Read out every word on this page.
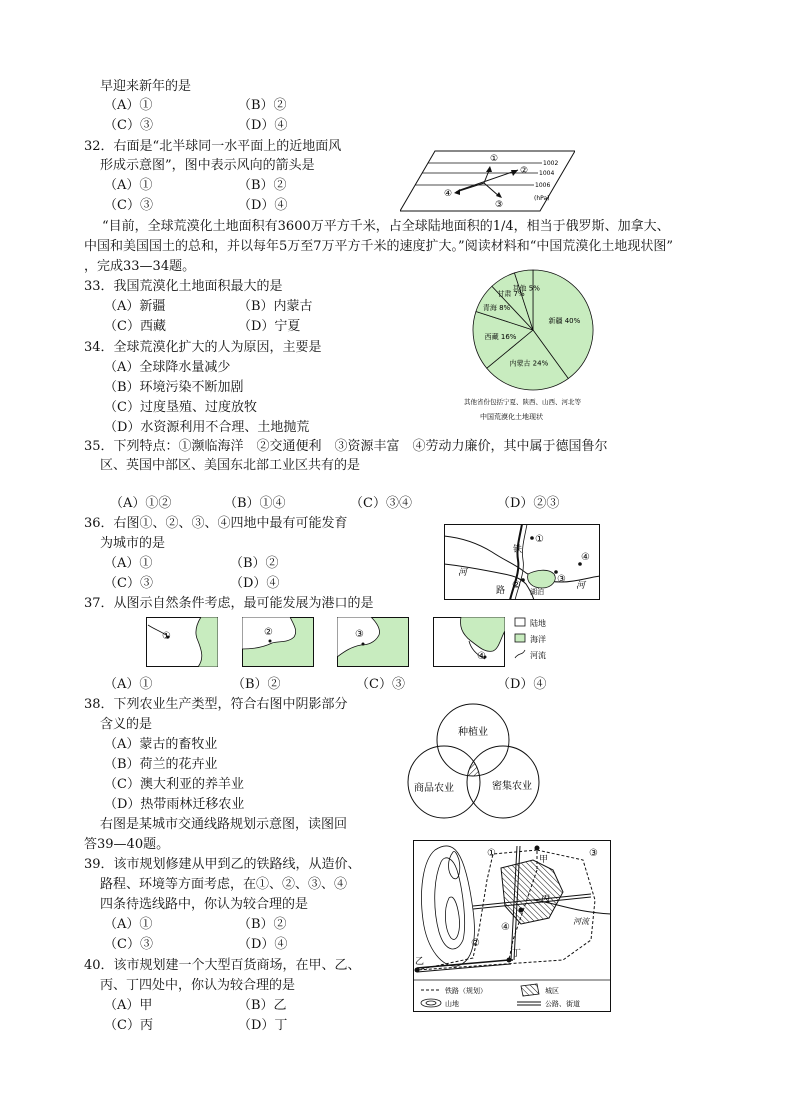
早迎来新年的是
（A）①	（B）②
（C）③	（D）④
32．右面是“北半球同一水平面上的近地面风
形成示意图”，图中表示风向的箭头是
（A）①	（B）②
（C）③	（D）④
①
②
③
④
1002
1004
1006
(hPa)
“目前，全球荒漠化土地面积有3600万平方千米，占全球陆地面积的1/4，相当于俄罗斯、加拿大、
中国和美国国土的总和，并以每年5万至7万平方千米的速度扩大。”阅读材料和“中国荒漠化土地现状图”
，完成33—34题。
33．我国荒漠化土地面积最大的是
（A）新疆	（B）内蒙古
（C）西藏	（D）宁夏	新疆 40%
内蒙古 24%
西藏 16%
青海 8%
甘肃 7%
其他 5%
其他省份包括宁夏、陕西、山西、河北等
中国荒漠化土地现状
34．全球荒漠化扩大的人为原因，主要是
（A）全球降水量减少
（B）环境污染不断加剧
（C）过度垦殖、过度放牧
（D）水资源利用不合理、土地抛荒
35．下列特点：①濒临海洋　②交通便利　③资源丰富　④劳动力廉价，其中属于德国鲁尔
区、英国中部区、美国东北部工业区共有的是
（A）①②	（B）①④	（C）③④	（D）②③
36．右图①、②、③、④四地中最有可能发育
为城市的是
（A）①	（B）②
（C）③	（D）④
①
②
③
④
铁
路
河
河
湖泊
37．从图示自然条件考虑，最可能发展为港口的是
①	②	③
④
陆地
海洋
河流
（A）①	（B）②	（C）③	（D）④
38．下列农业生产类型，符合右图中阴影部分
含义的是
（A）蒙古的畜牧业
（B）荷兰的花卉业
（C）澳大利亚的养羊业
（D）热带雨林迁移农业
种植业
商品农业	密集农业
右图是某城市交通线路规划示意图，读图回
答39—40题。
39．该市规划修建从甲到乙的铁路线，从造价、
路程、环境等方面考虑，在①、②、③、④
四条待选线路中，你认为较合理的是
（A）①	（B）②
（C）③	（D）④
40．该市规划建一个大型百货商场，在甲、乙、
丙、丁四处中，你认为较合理的是
（A）甲	（B）乙
（C）丙	（D）丁
甲
乙
丙
丁
①
②
③
④
河流
铁路（规划）	城区
山地	公路、街道
